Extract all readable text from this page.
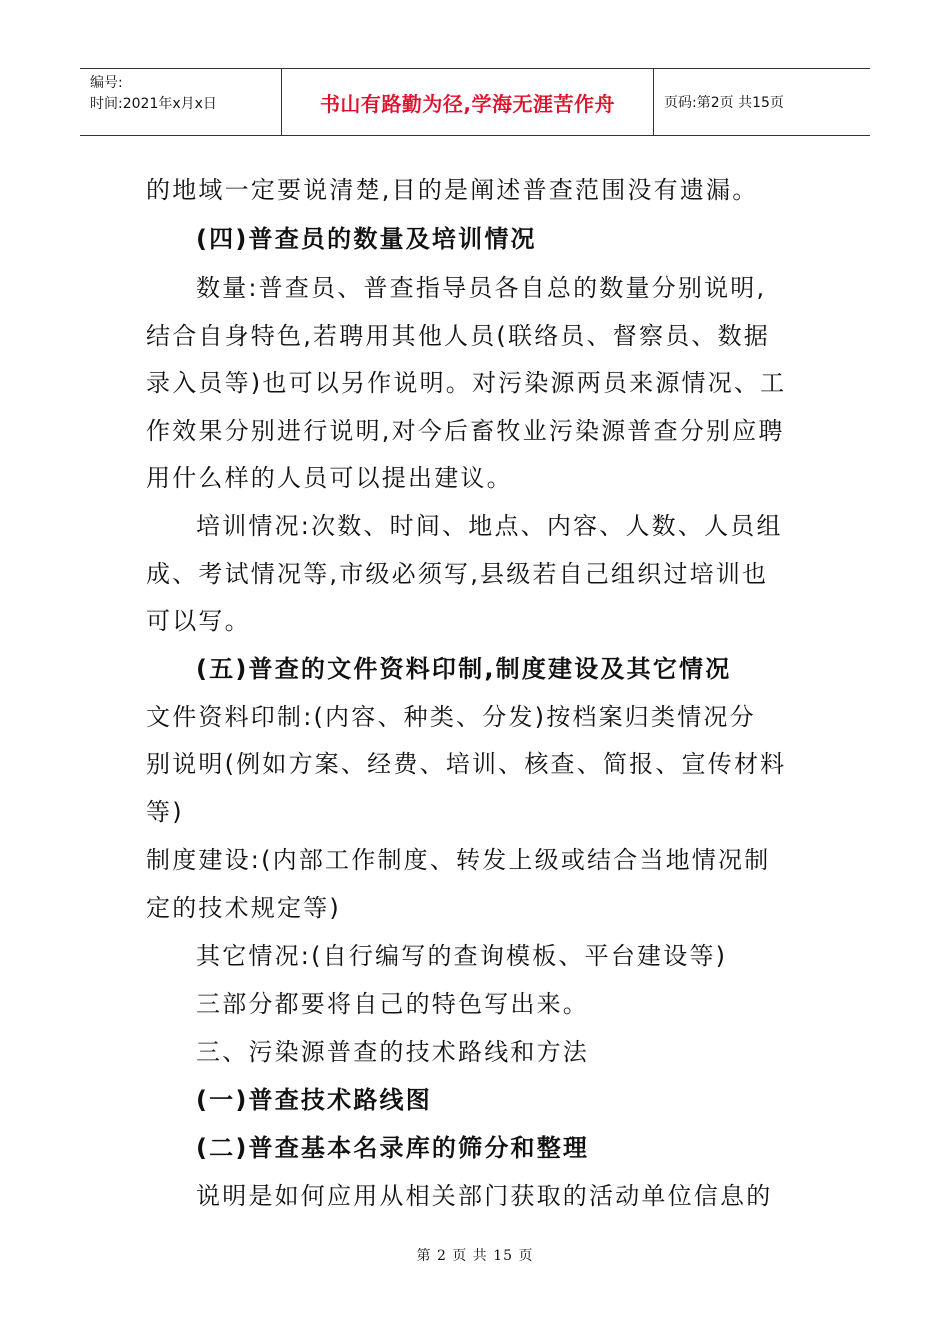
编号:
时间:2021年x月x日	书山有路勤为径,学海无涯苦作舟	页码:第2页 共15页
的地域一定要说清楚,目的是阐述普查范围没有遗漏。
(四)普查员的数量及培训情况
数量:普查员、普查指导员各自总的数量分别说明,
结合自身特色,若聘用其他人员(联络员、督察员、数据
录入员等)也可以另作说明。对污染源两员来源情况、工
作效果分别进行说明,对今后畜牧业污染源普查分别应聘
用什么样的人员可以提出建议。
培训情况:次数、时间、地点、内容、人数、人员组
成、考试情况等,市级必须写,县级若自己组织过培训也
可以写。
(五)普查的文件资料印制,制度建设及其它情况
文件资料印制:(内容、种类、分发)按档案归类情况分
别说明(例如方案、经费、培训、核查、简报、宣传材料
等)
制度建设:(内部工作制度、转发上级或结合当地情况制
定的技术规定等)
其它情况:(自行编写的查询模板、平台建设等)
三部分都要将自己的特色写出来。
三、污染源普查的技术路线和方法
(一)普查技术路线图
(二)普查基本名录库的筛分和整理
说明是如何应用从相关部门获取的活动单位信息的
第 2 页 共 15 页
